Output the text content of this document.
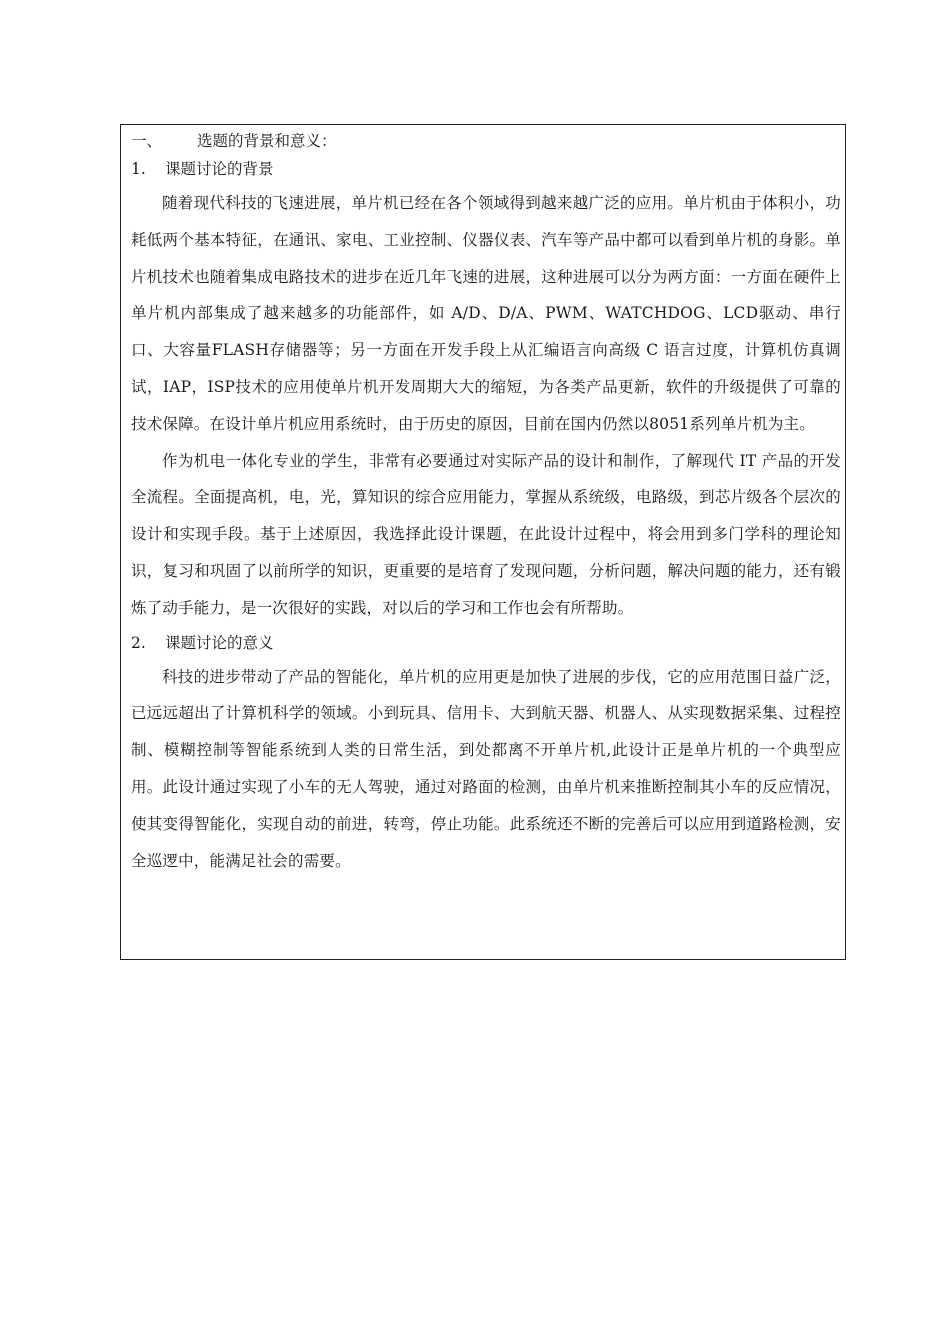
一、	选题的背景和意义：
1.	课题讨论的背景

随着现代科技的飞速进展，单片机已经在各个领域得到越来越广泛的应用。单片机由于体积小，功耗低两个基本特征，在通讯、家电、工业控制、仪器仪表、汽车等产品中都可以看到单片机的身影。单片机技术也随着集成电路技术的进步在近几年飞速的进展，这种进展可以分为两方面：一方面在硬件上单片机内部集成了越来越多的功能部件，如 A/D、D/A、PWM、WATCHDOG、LCD驱动、串行口、大容量FLASH存储器等；另一方面在开发手段上从汇编语言向高级 C 语言过度，计算机仿真调试，IAP，ISP技术的应用使单片机开发周期大大的缩短，为各类产品更新，软件的升级提供了可靠的技术保障。在设计单片机应用系统时，由于历史的原因，目前在国内仍然以8051系列单片机为主。

作为机电一体化专业的学生，非常有必要通过对实际产品的设计和制作，了解现代 IT 产品的开发全流程。全面提高机，电，光，算知识的综合应用能力，掌握从系统级，电路级，到芯片级各个层次的设计和实现手段。基于上述原因，我选择此设计课题，在此设计过程中，将会用到多门学科的理论知识，复习和巩固了以前所学的知识，更重要的是培育了发现问题，分析问题，解决问题的能力，还有锻炼了动手能力，是一次很好的实践，对以后的学习和工作也会有所帮助。

2.	课题讨论的意义

科技的进步带动了产品的智能化，单片机的应用更是加快了进展的步伐，它的应用范围日益广泛，已远远超出了计算机科学的领域。小到玩具、信用卡、大到航天器、机器人、从实现数据采集、过程控制、模糊控制等智能系统到人类的日常生活，到处都离不开单片机,此设计正是单片机的一个典型应用。此设计通过实现了小车的无人驾驶，通过对路面的检测，由单片机来推断控制其小车的反应情况，使其变得智能化，实现自动的前进，转弯，停止功能。此系统还不断的完善后可以应用到道路检测，安全巡逻中，能满足社会的需要。
